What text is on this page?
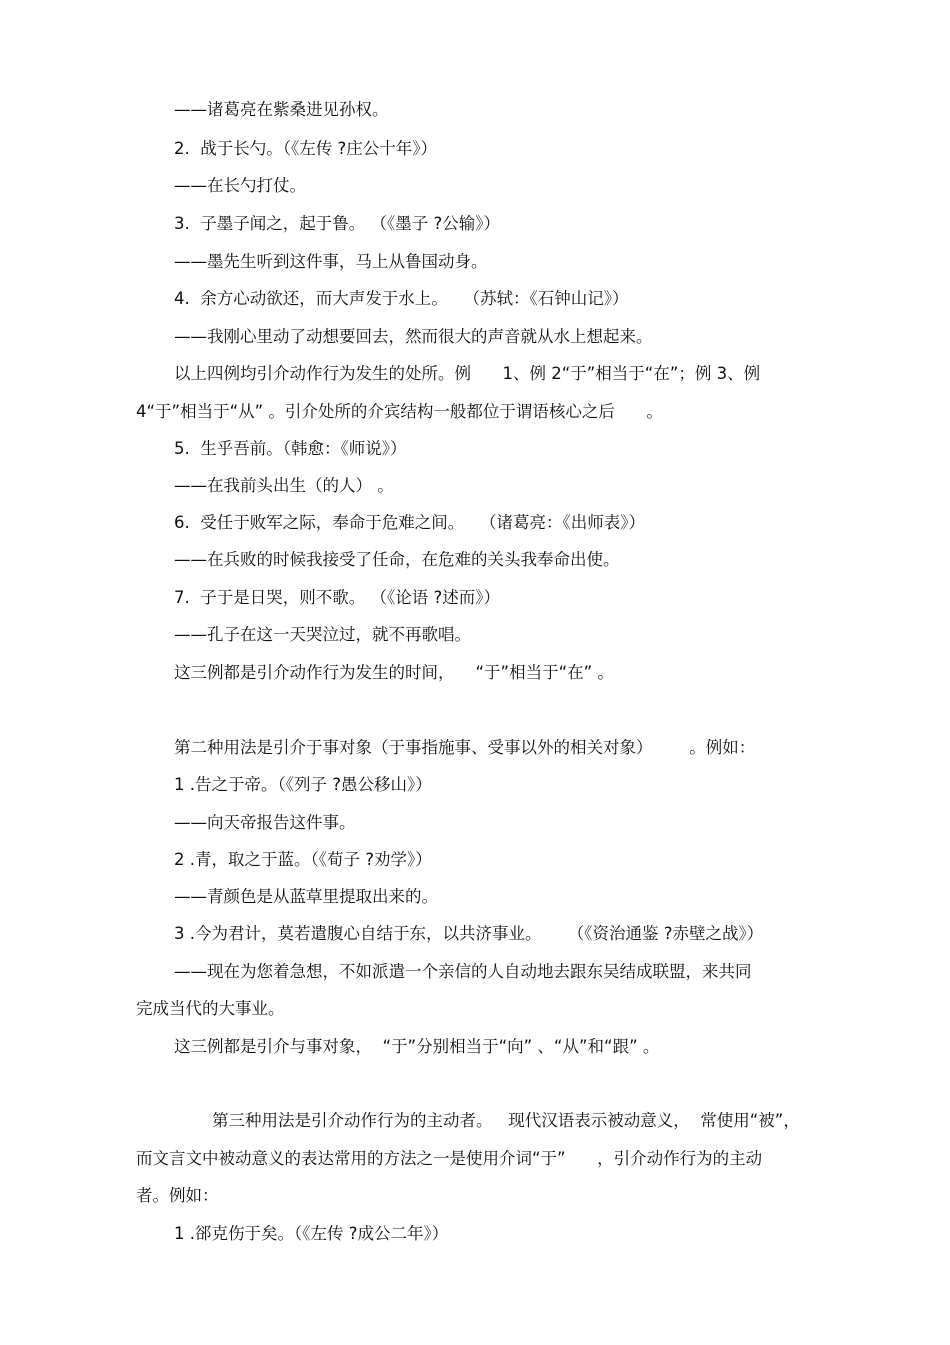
——诸葛亮在紫桑进见孙权。

2.  战于长勺。（《左传 ?庄公十年》）

——在长勺打仗。

3.  子墨子闻之，起于鲁。 （《墨子 ?公输》）

——墨先生听到这件事，马上从鲁国动身。

4.  余方心动欲还，而大声发于水上。   （苏轼：《石钟山记》）

——我刚心里动了动想要回去，然而很大的声音就从水上想起来。

以上四例均引介动作行为发生的处所。例      1、例 2“于”相当于“在”；例 3、例

4“于”相当于“从” 。引介处所的介宾结构一般都位于谓语核心之后      。

5.  生乎吾前。（韩愈：《师说》）

——在我前头出生（的人） 。

6.  受任于败军之际，奉命于危难之间。   （诸葛亮：《出师表》）

——在兵败的时候我接受了任命，在危难的关头我奉命出使。

7.  子于是日哭，则不歌。 （《论语 ?述而》）

——孔子在这一天哭泣过，就不再歌唱。

这三例都是引介动作行为发生的时间，    “于”相当于“在” 。

第二种用法是引介于事对象（于事指施事、受事以外的相关对象）       。例如：

1 .告之于帝。（《列子 ?愚公移山》）

——向天帝报告这件事。

2 .青，取之于蓝。（《荀子 ?劝学》）

——青颜色是从蓝草里提取出来的。

3 .今为君计，莫若遣腹心自结于东，以共济事业。     （《资治通鉴 ?赤壁之战》）

——现在为您着急想，不如派遣一个亲信的人自动地去跟东吴结成联盟，来共同

完成当代的大事业。

这三例都是引介与事对象，  “于”分别相当于“向” 、“从”和“跟” 。

第三种用法是引介动作行为的主动者。   现代汉语表示被动意义，  常使用“被”，

而文言文中被动意义的表达常用的方法之一是使用介词“于”      ，引介动作行为的主动

者。例如：

1 .郤克伤于矣。（《左传 ?成公二年》）
